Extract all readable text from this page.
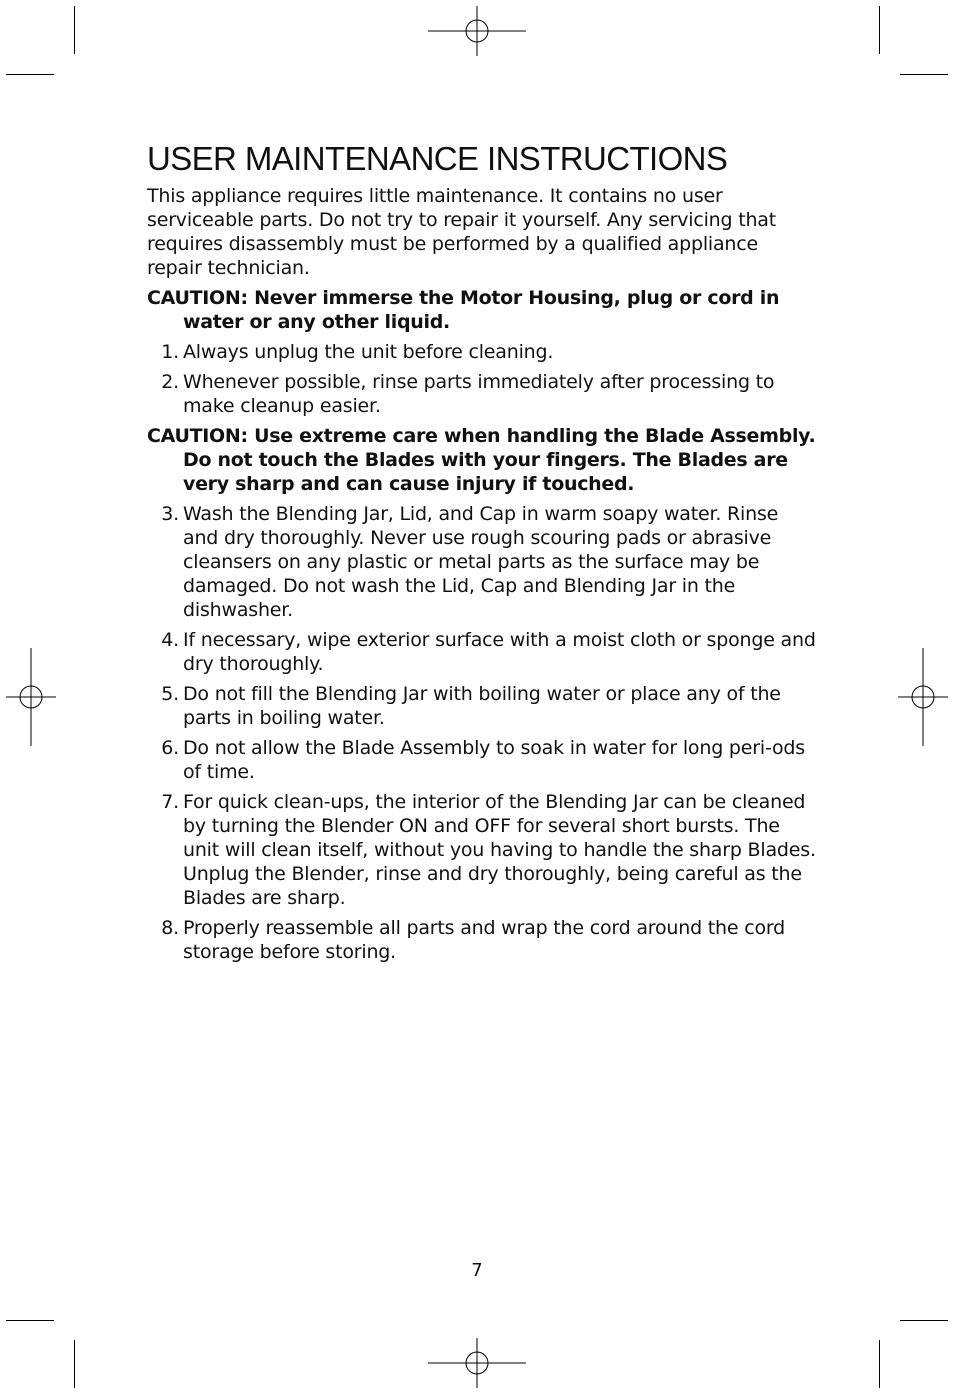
USER MAINTENANCE INSTRUCTIONS

This appliance requires little maintenance. It contains no user serviceable parts. Do not try to repair it yourself. Any servicing that requires disassembly must be performed by a qualified appliance repair technician.

CAUTION: Never immerse the Motor Housing, plug or cord in water or any other liquid.

1. Always unplug the unit before cleaning.
2. Whenever possible, rinse parts immediately after processing to make cleanup easier.

CAUTION: Use extreme care when handling the Blade Assembly. Do not touch the Blades with your fingers. The Blades are very sharp and can cause injury if touched.

3. Wash the Blending Jar, Lid, and Cap in warm soapy water. Rinse and dry thoroughly. Never use rough scouring pads or abrasive cleansers on any plastic or metal parts as the surface may be damaged. Do not wash the Lid, Cap and Blending Jar in the dishwasher.
4. If necessary, wipe exterior surface with a moist cloth or sponge and dry thoroughly.
5. Do not fill the Blending Jar with boiling water or place any of the parts in boiling water.
6. Do not allow the Blade Assembly to soak in water for long peri-ods of time.
7. For quick clean-ups, the interior of the Blending Jar can be cleaned by turning the Blender ON and OFF for several short bursts. The unit will clean itself, without you having to handle the sharp Blades. Unplug the Blender, rinse and dry thoroughly, being careful as the Blades are sharp.
8. Properly reassemble all parts and wrap the cord around the cord storage before storing.
7
